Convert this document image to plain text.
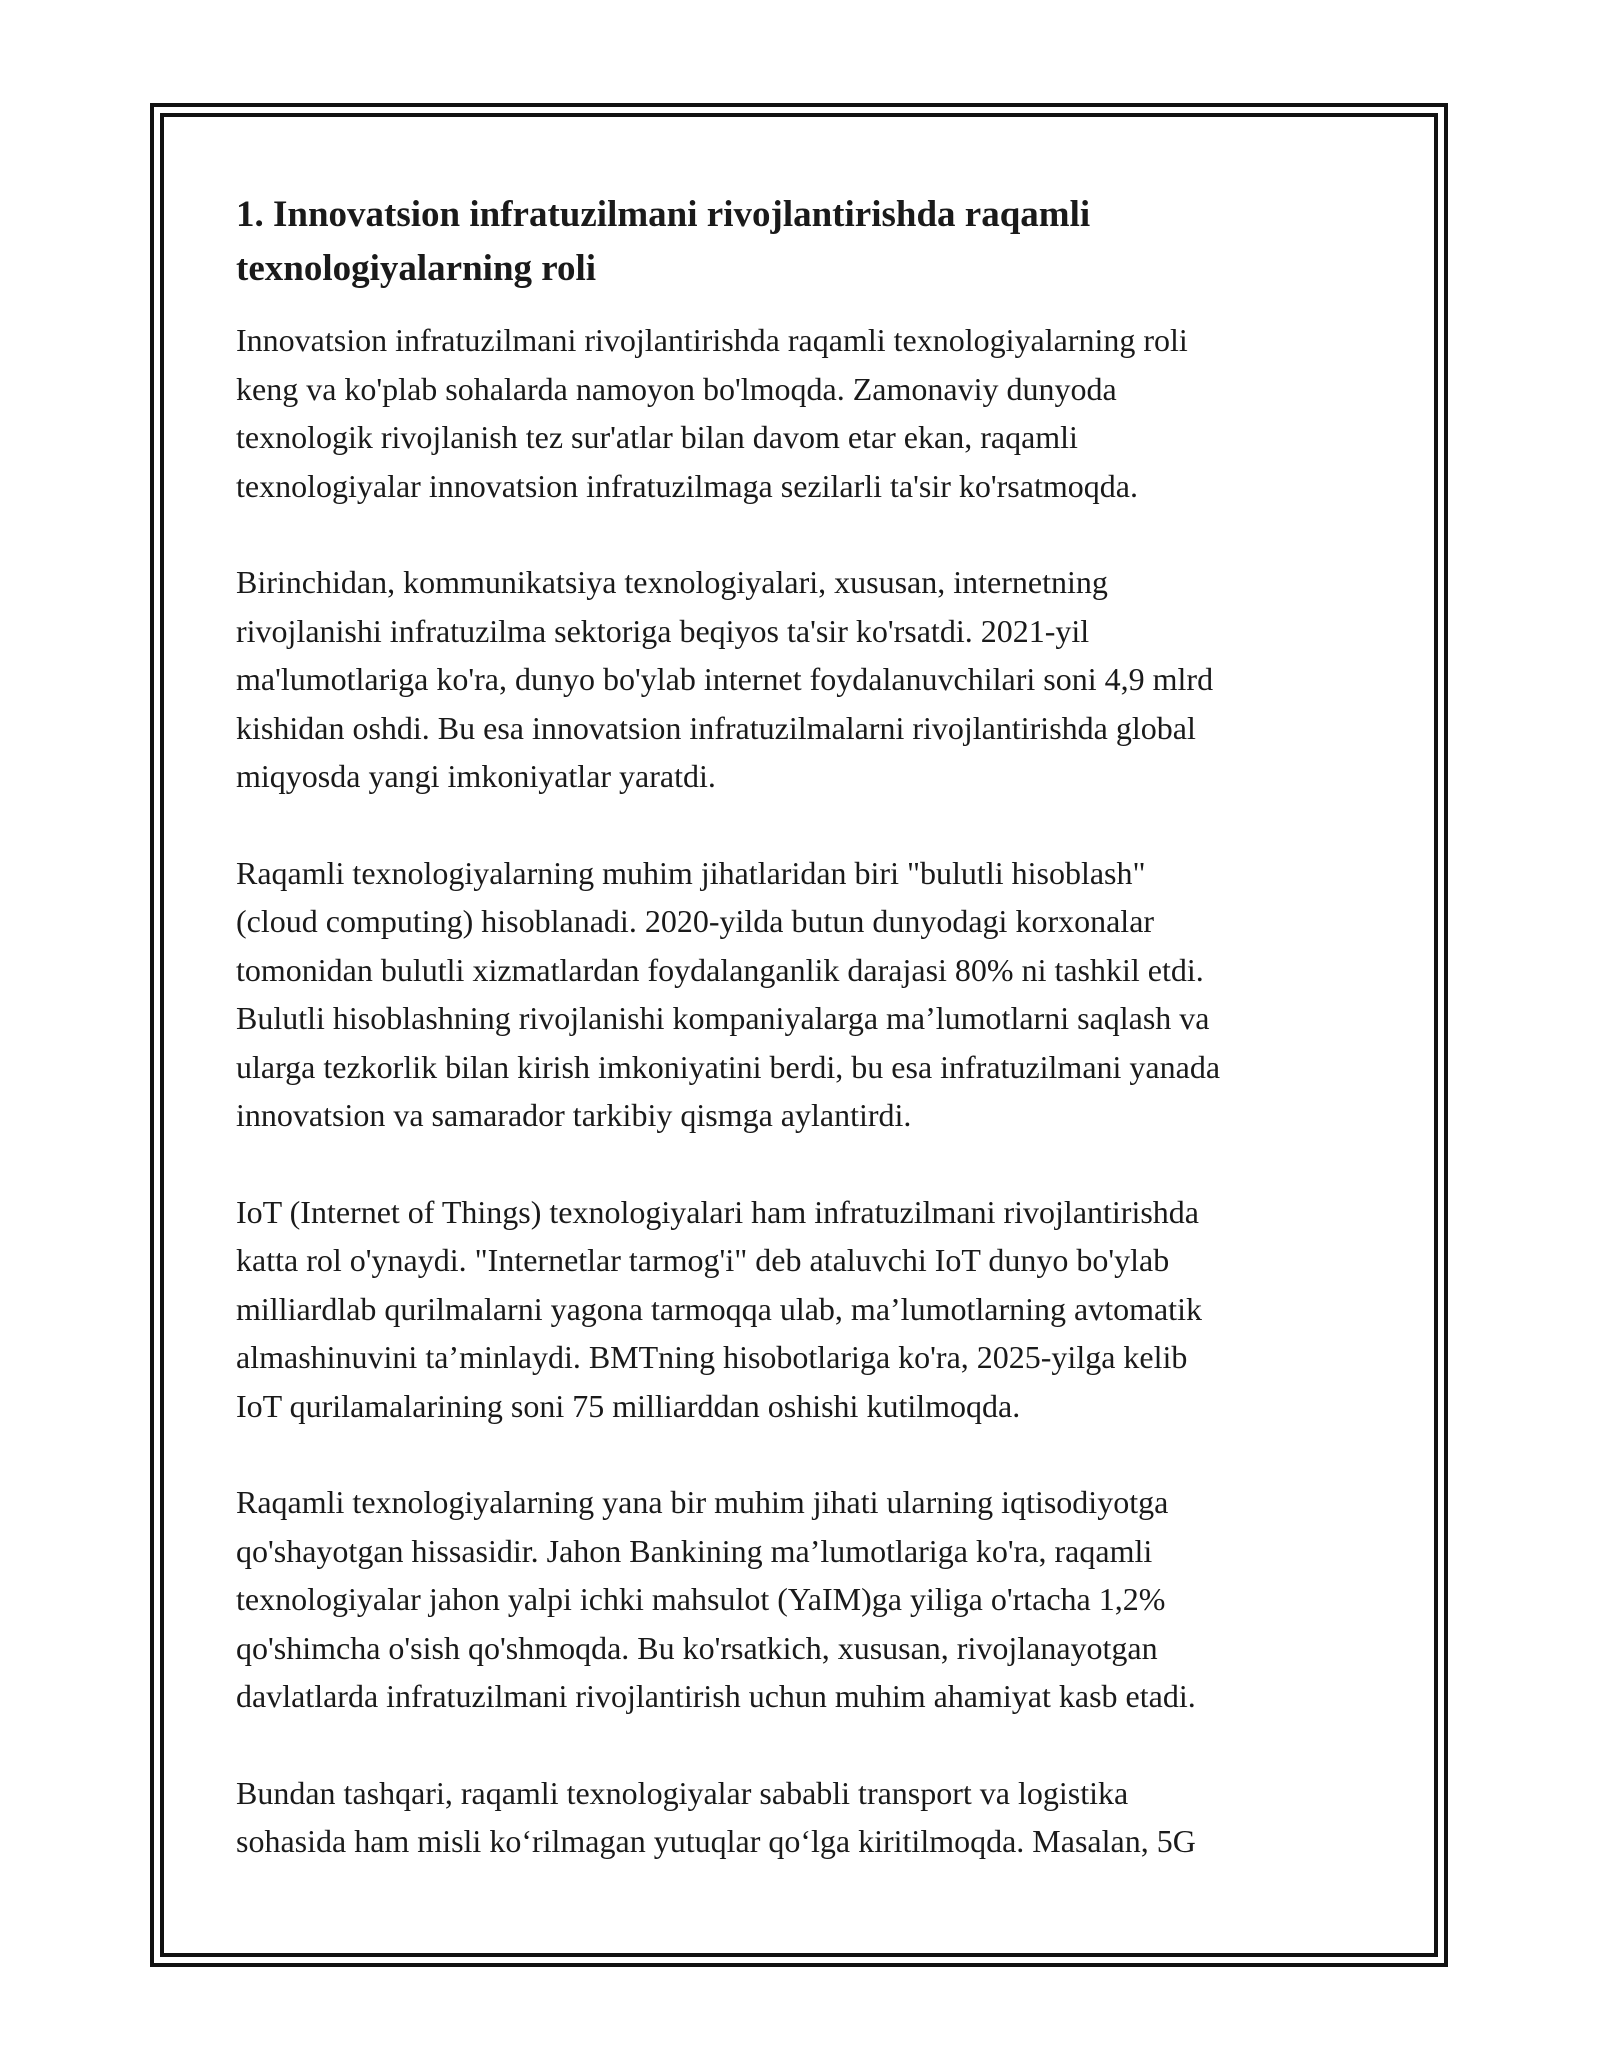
1. Innovatsion infratuzilmani rivojlantirishda raqamli
texnologiyalarning roli
Innovatsion infratuzilmani rivojlantirishda raqamli texnologiyalarning roli
keng va ko'plab sohalarda namoyon bo'lmoqda. Zamonaviy dunyoda
texnologik rivojlanish tez sur'atlar bilan davom etar ekan, raqamli
texnologiyalar innovatsion infratuzilmaga sezilarli ta'sir ko'rsatmoqda.
Birinchidan, kommunikatsiya texnologiyalari, xususan, internetning
rivojlanishi infratuzilma sektoriga beqiyos ta'sir ko'rsatdi. 2021-yil
ma'lumotlariga ko'ra, dunyo bo'ylab internet foydalanuvchilari soni 4,9 mlrd
kishidan oshdi. Bu esa innovatsion infratuzilmalarni rivojlantirishda global
miqyosda yangi imkoniyatlar yaratdi.
Raqamli texnologiyalarning muhim jihatlaridan biri "bulutli hisoblash"
(cloud computing) hisoblanadi. 2020-yilda butun dunyodagi korxonalar
tomonidan bulutli xizmatlardan foydalanganlik darajasi 80% ni tashkil etdi.
Bulutli hisoblashning rivojlanishi kompaniyalarga ma’lumotlarni saqlash va
ularga tezkorlik bilan kirish imkoniyatini berdi, bu esa infratuzilmani yanada
innovatsion va samarador tarkibiy qismga aylantirdi.
IoT (Internet of Things) texnologiyalari ham infratuzilmani rivojlantirishda
katta rol o'ynaydi. "Internetlar tarmog'i" deb ataluvchi IoT dunyo bo'ylab
milliardlab qurilmalarni yagona tarmoqqa ulab, ma’lumotlarning avtomatik
almashinuvini ta’minlaydi. BMTning hisobotlariga ko'ra, 2025-yilga kelib
IoT qurilamalarining soni 75 milliarddan oshishi kutilmoqda.
Raqamli texnologiyalarning yana bir muhim jihati ularning iqtisodiyotga
qo'shayotgan hissasidir. Jahon Bankining ma’lumotlariga ko'ra, raqamli
texnologiyalar jahon yalpi ichki mahsulot (YaIM)ga yiliga o'rtacha 1,2%
qo'shimcha o'sish qo'shmoqda. Bu ko'rsatkich, xususan, rivojlanayotgan
davlatlarda infratuzilmani rivojlantirish uchun muhim ahamiyat kasb etadi.
Bundan tashqari, raqamli texnologiyalar sababli transport va logistika
sohasida ham misli ko‘rilmagan yutuqlar qo‘lga kiritilmoqda. Masalan, 5G
